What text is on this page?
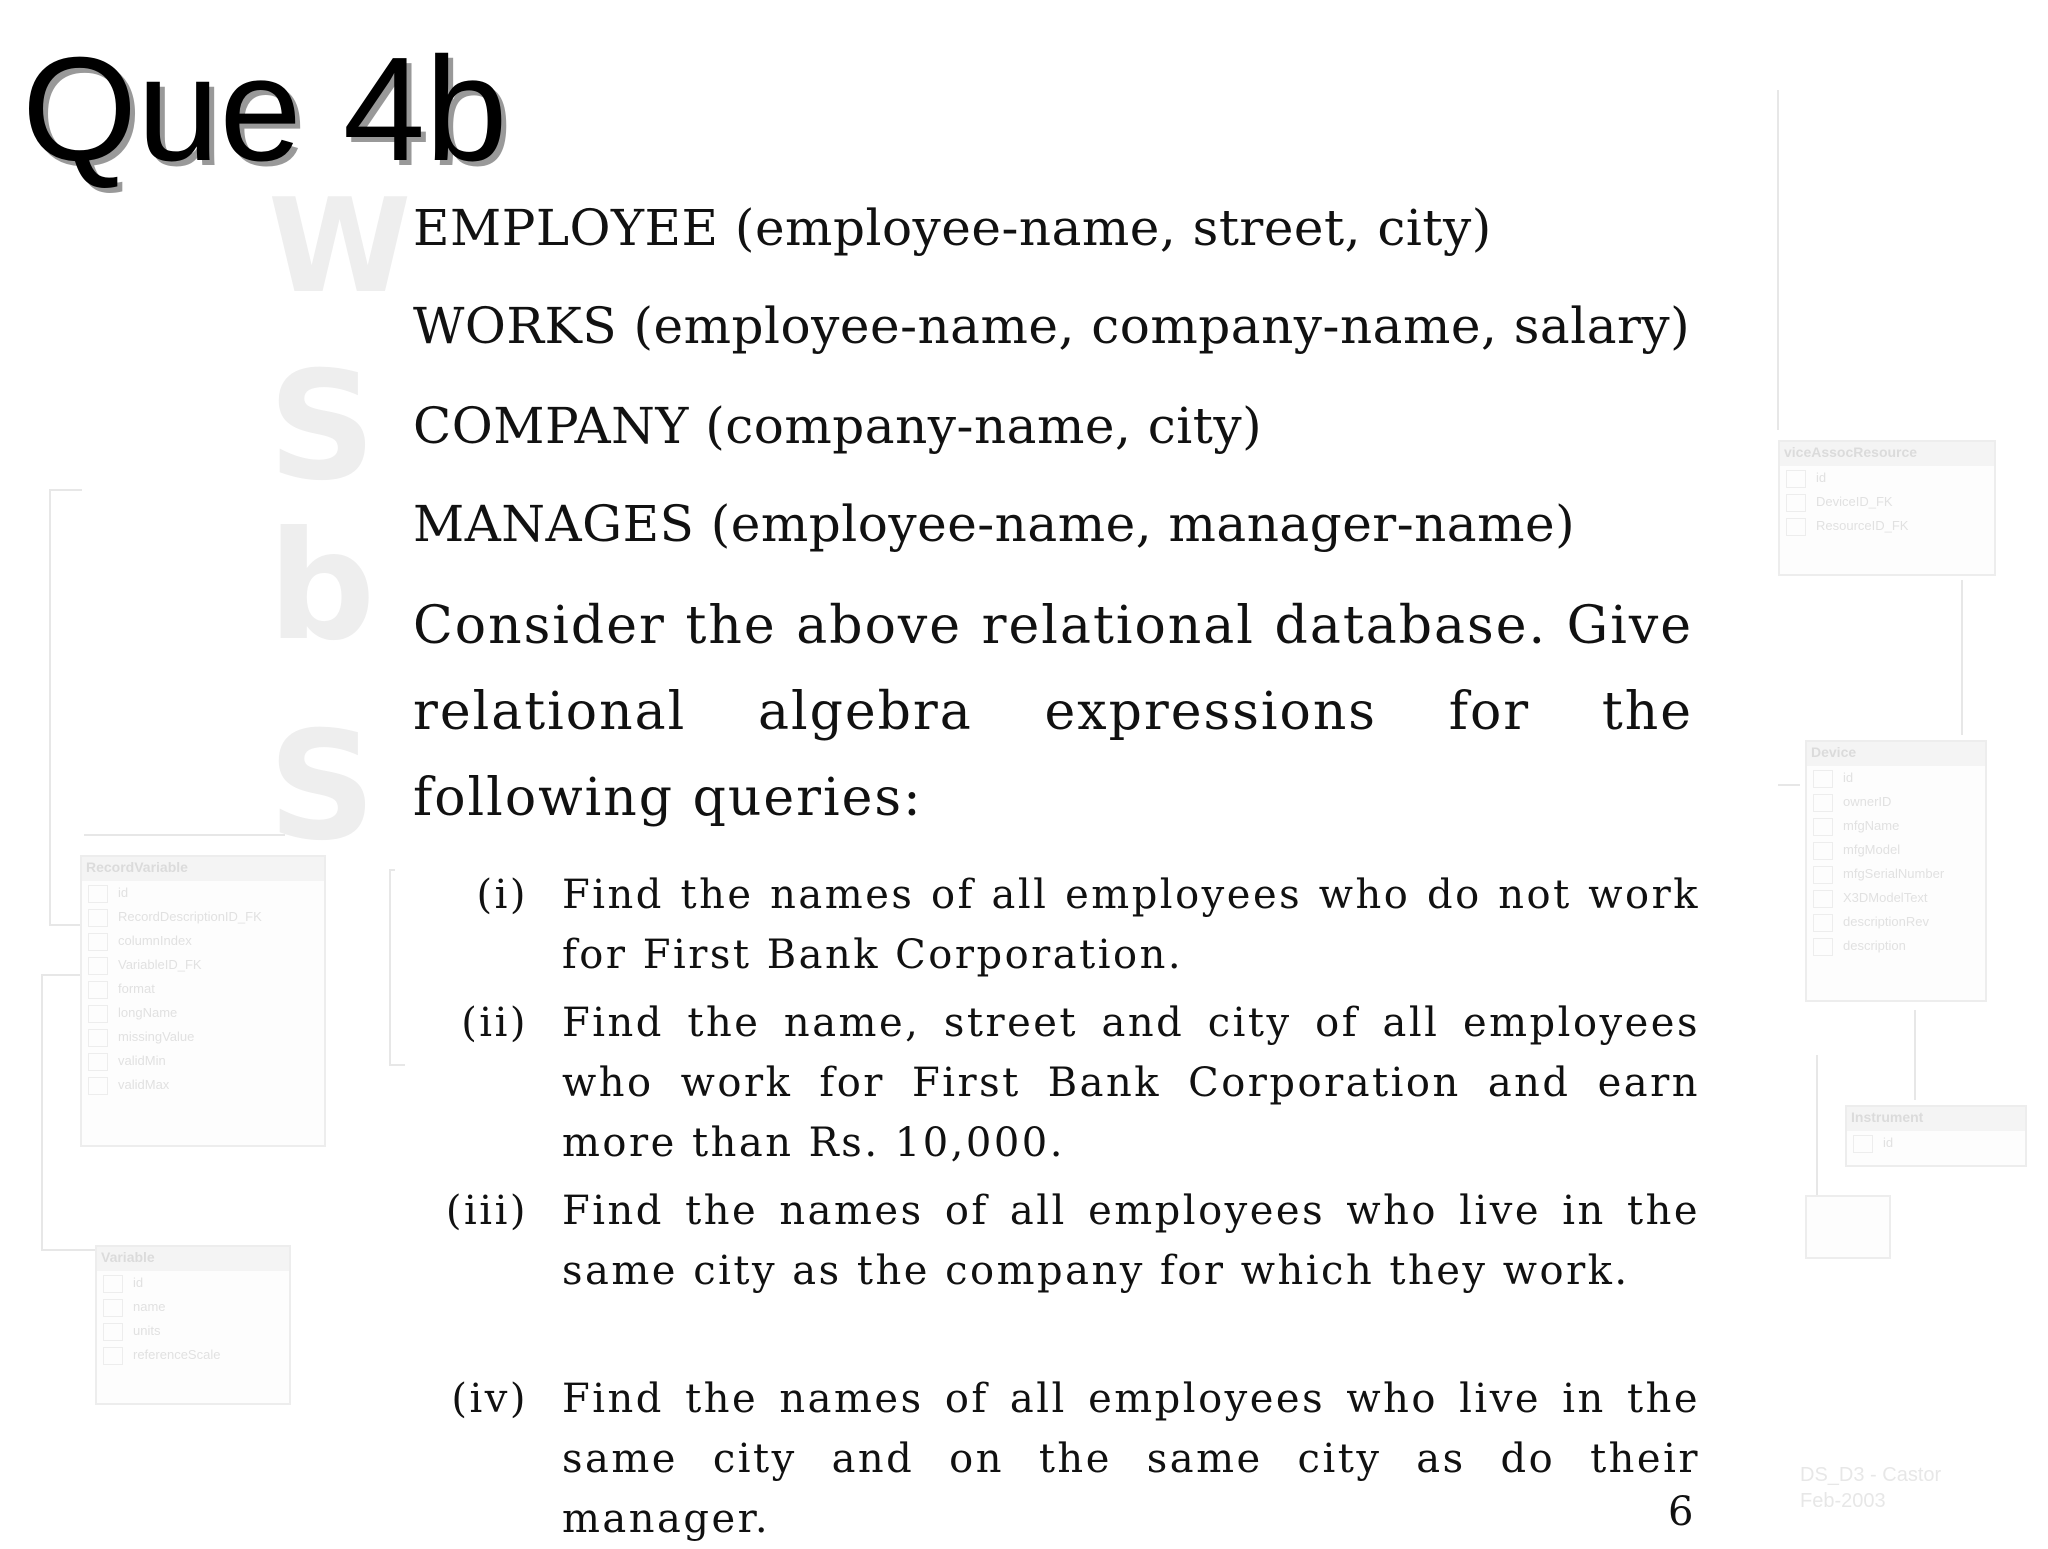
RecordVariable
id
RecordDescriptionID_FK
columnIndex
VariableID_FK
format
longName
missingValue
validMin
validMax
Variable
id
name
units
referenceScale
viceAssocResource
id
DeviceID_FK
ResourceID_FK
Device
id
ownerID
mfgName
mfgModel
mfgSerialNumber
X3DModelText
descriptionRev
description
Instrument
id
DS_D3 - Castor
Feb-2003
W
S
b
S
Que 4b
EMPLOYEE (employee-name, street, city)
WORKS (employee-name, company-name, salary)
COMPANY (company-name, city)
MANAGES (employee-name, manager-name)
Consider the above relational database. Give relational algebra expressions for the following queries:
(i) Find the names of all employees who do not work for First Bank Corporation.
(ii) Find the name, street and city of all employees who work for First Bank Corporation and earn more than Rs. 10,000.
(iii) Find the names of all employees who live in the same city as the company for which they work.
(iv) Find the names of all employees who live in the same city and on the same city as do their manager.	6
